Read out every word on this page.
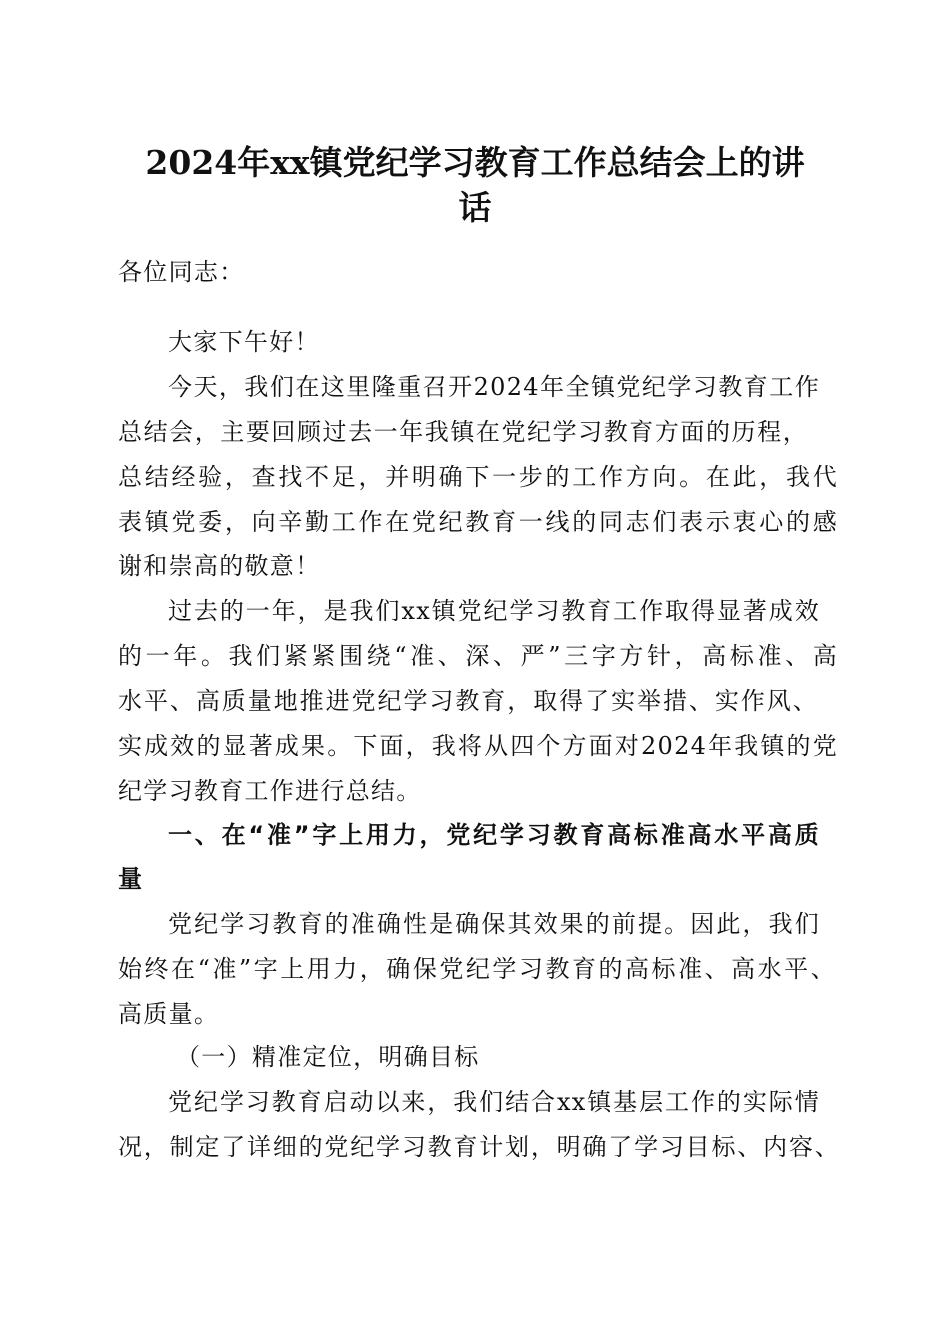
2024年xx镇党纪学习教育工作总结会上的讲
话

各位同志：

大家下午好！

今天，我们在这里隆重召开2024年全镇党纪学习教育工作

总结会，主要回顾过去一年我镇在党纪学习教育方面的历程，

总结经验，查找不足，并明确下一步的工作方向。在此，我代

表镇党委，向辛勤工作在党纪教育一线的同志们表示衷心的感

谢和崇高的敬意！

过去的一年，是我们xx镇党纪学习教育工作取得显著成效

的一年。我们紧紧围绕“准、深、严”三字方针，高标准、高

水平、高质量地推进党纪学习教育，取得了实举措、实作风、

实成效的显著成果。下面，我将从四个方面对2024年我镇的党

纪学习教育工作进行总结。

一、在“准”字上用力，党纪学习教育高标准高水平高质

量

党纪学习教育的准确性是确保其效果的前提。因此，我们

始终在“准”字上用力，确保党纪学习教育的高标准、高水平、

高质量。

（一）精准定位，明确目标

党纪学习教育启动以来，我们结合xx镇基层工作的实际情

况，制定了详细的党纪学习教育计划，明确了学习目标、内容、
